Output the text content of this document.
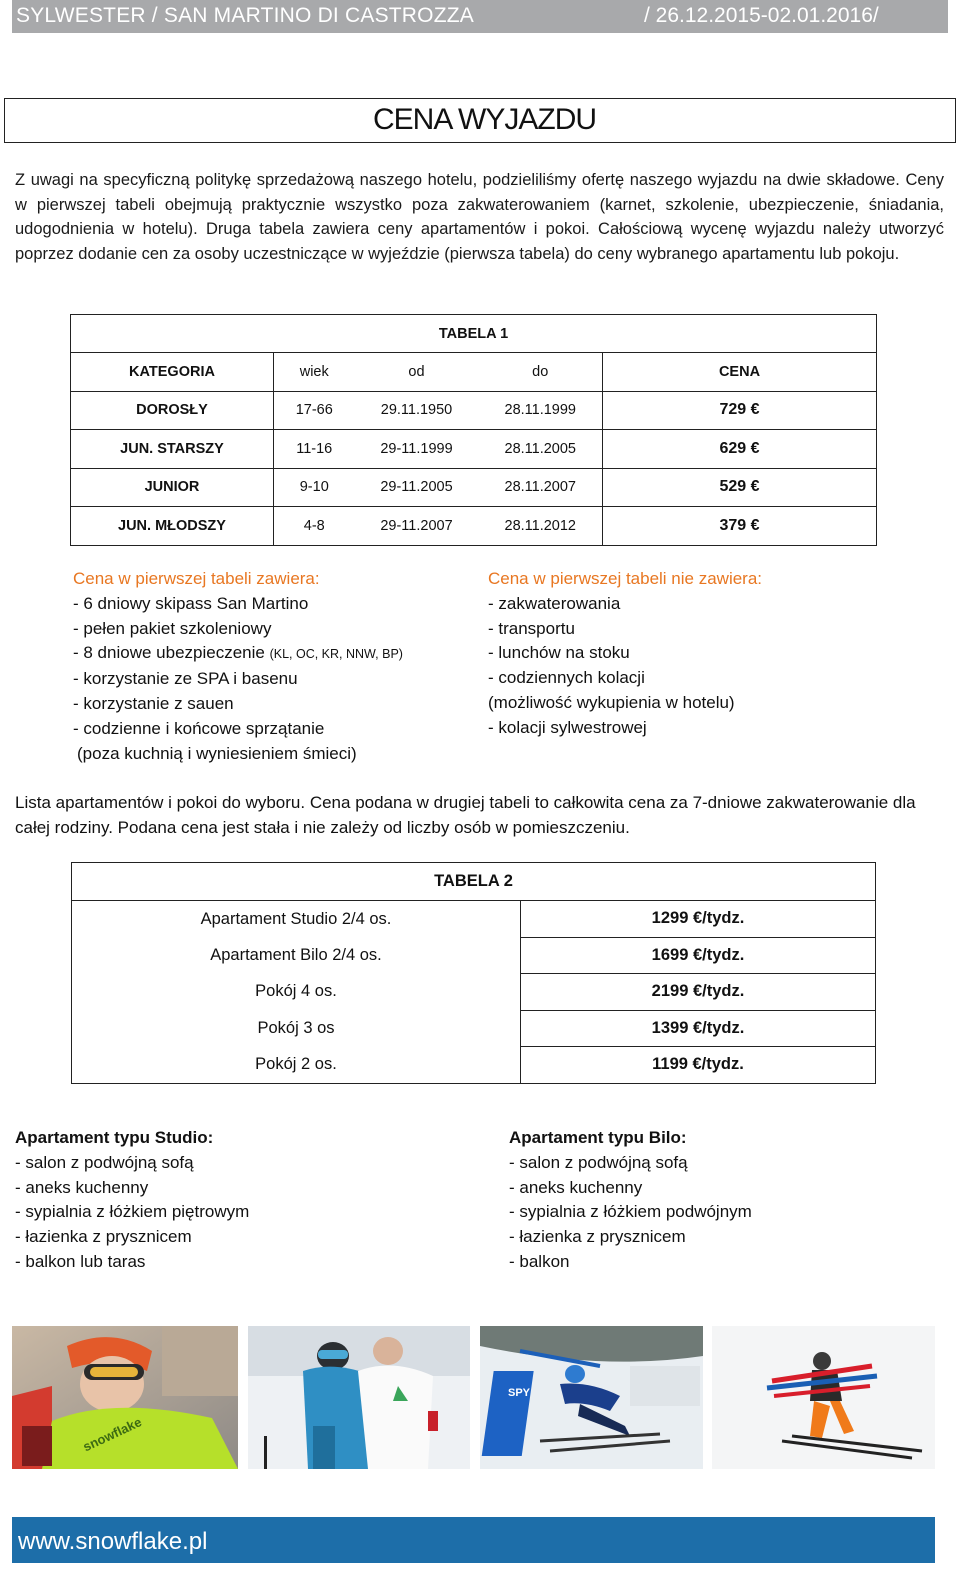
SYLWESTER / SAN MARTINO DI CASTROZZA	/ 26.12.2015-02.01.2016/
CENA WYJAZDU

Z uwagi na specyficzną politykę sprzedażową naszego hotelu, podzieliliśmy ofertę naszego wyjazdu na dwie składowe. Ceny w pierwszej tabeli obejmują praktycznie wszystko poza zakwaterowaniem (karnet, szkolenie, ubezpieczenie, śniadania, udogodnienia w hotelu). Druga tabela zawiera ceny apartamentów i pokoi. Całościową wycenę wyjazdu należy utworzyć poprzez dodanie cen za osoby uczestniczące w wyjeździe (pierwsza tabela) do ceny wybranego apartamentu lub pokoju.

TABELA 1				
KATEGORIA	wiek	od	do	CENA
DOROSŁY	17-66	29.11.1950	28.11.1999	729 €
JUN. STARSZY	11-16	29-11.1999	28.11.2005	629 €
JUNIOR	9-10	29-11.2005	28.11.2007	529 €
JUN. MŁODSZY	4-8	29-11.2007	28.11.2012	379 €
Cena w pierwszej tabeli zawiera:
- 6 dniowy skipass San Martino
- pełen pakiet szkoleniowy
- 8 dniowe ubezpieczenie (KL, OC, KR, NNW, BP)
- korzystanie ze SPA i basenu
- korzystanie z sauen
- codzienne i końcowe sprzątanie
(poza kuchnią i wyniesieniem śmieci)
Cena w pierwszej tabeli nie zawiera:
- zakwaterowania
- transportu
- lunchów na stoku
- codziennych kolacji
(możliwość wykupienia w hotelu)
- kolacji sylwestrowej

Lista apartamentów i pokoi do wyboru. Cena podana w drugiej tabeli to całkowita cena za 7-dniowe zakwaterowanie dla całej rodziny. Podana cena jest stała i nie zależy od liczby osób w pomieszczeniu.

TABELA 2	
Apartament Studio 2/4 os.	1299 €/tydz.
Apartament Bilo 2/4 os.	1699 €/tydz.
Pokój 4 os.	2199 €/tydz.
Pokój 3 os	1399 €/tydz.
Pokój 2 os.	1199 €/tydz.
Apartament typu Studio:
- salon z podwójną sofą
- aneks kuchenny
- sypialnia z łóżkiem piętrowym
- łazienka z prysznicem
- balkon lub taras
Apartament typu Bilo:
- salon z podwójną sofą
- aneks kuchenny
- sypialnia z łóżkiem podwójnym
- łazienka z prysznicem
- balkon
snowflake
SPY
www.snowflake.pl
